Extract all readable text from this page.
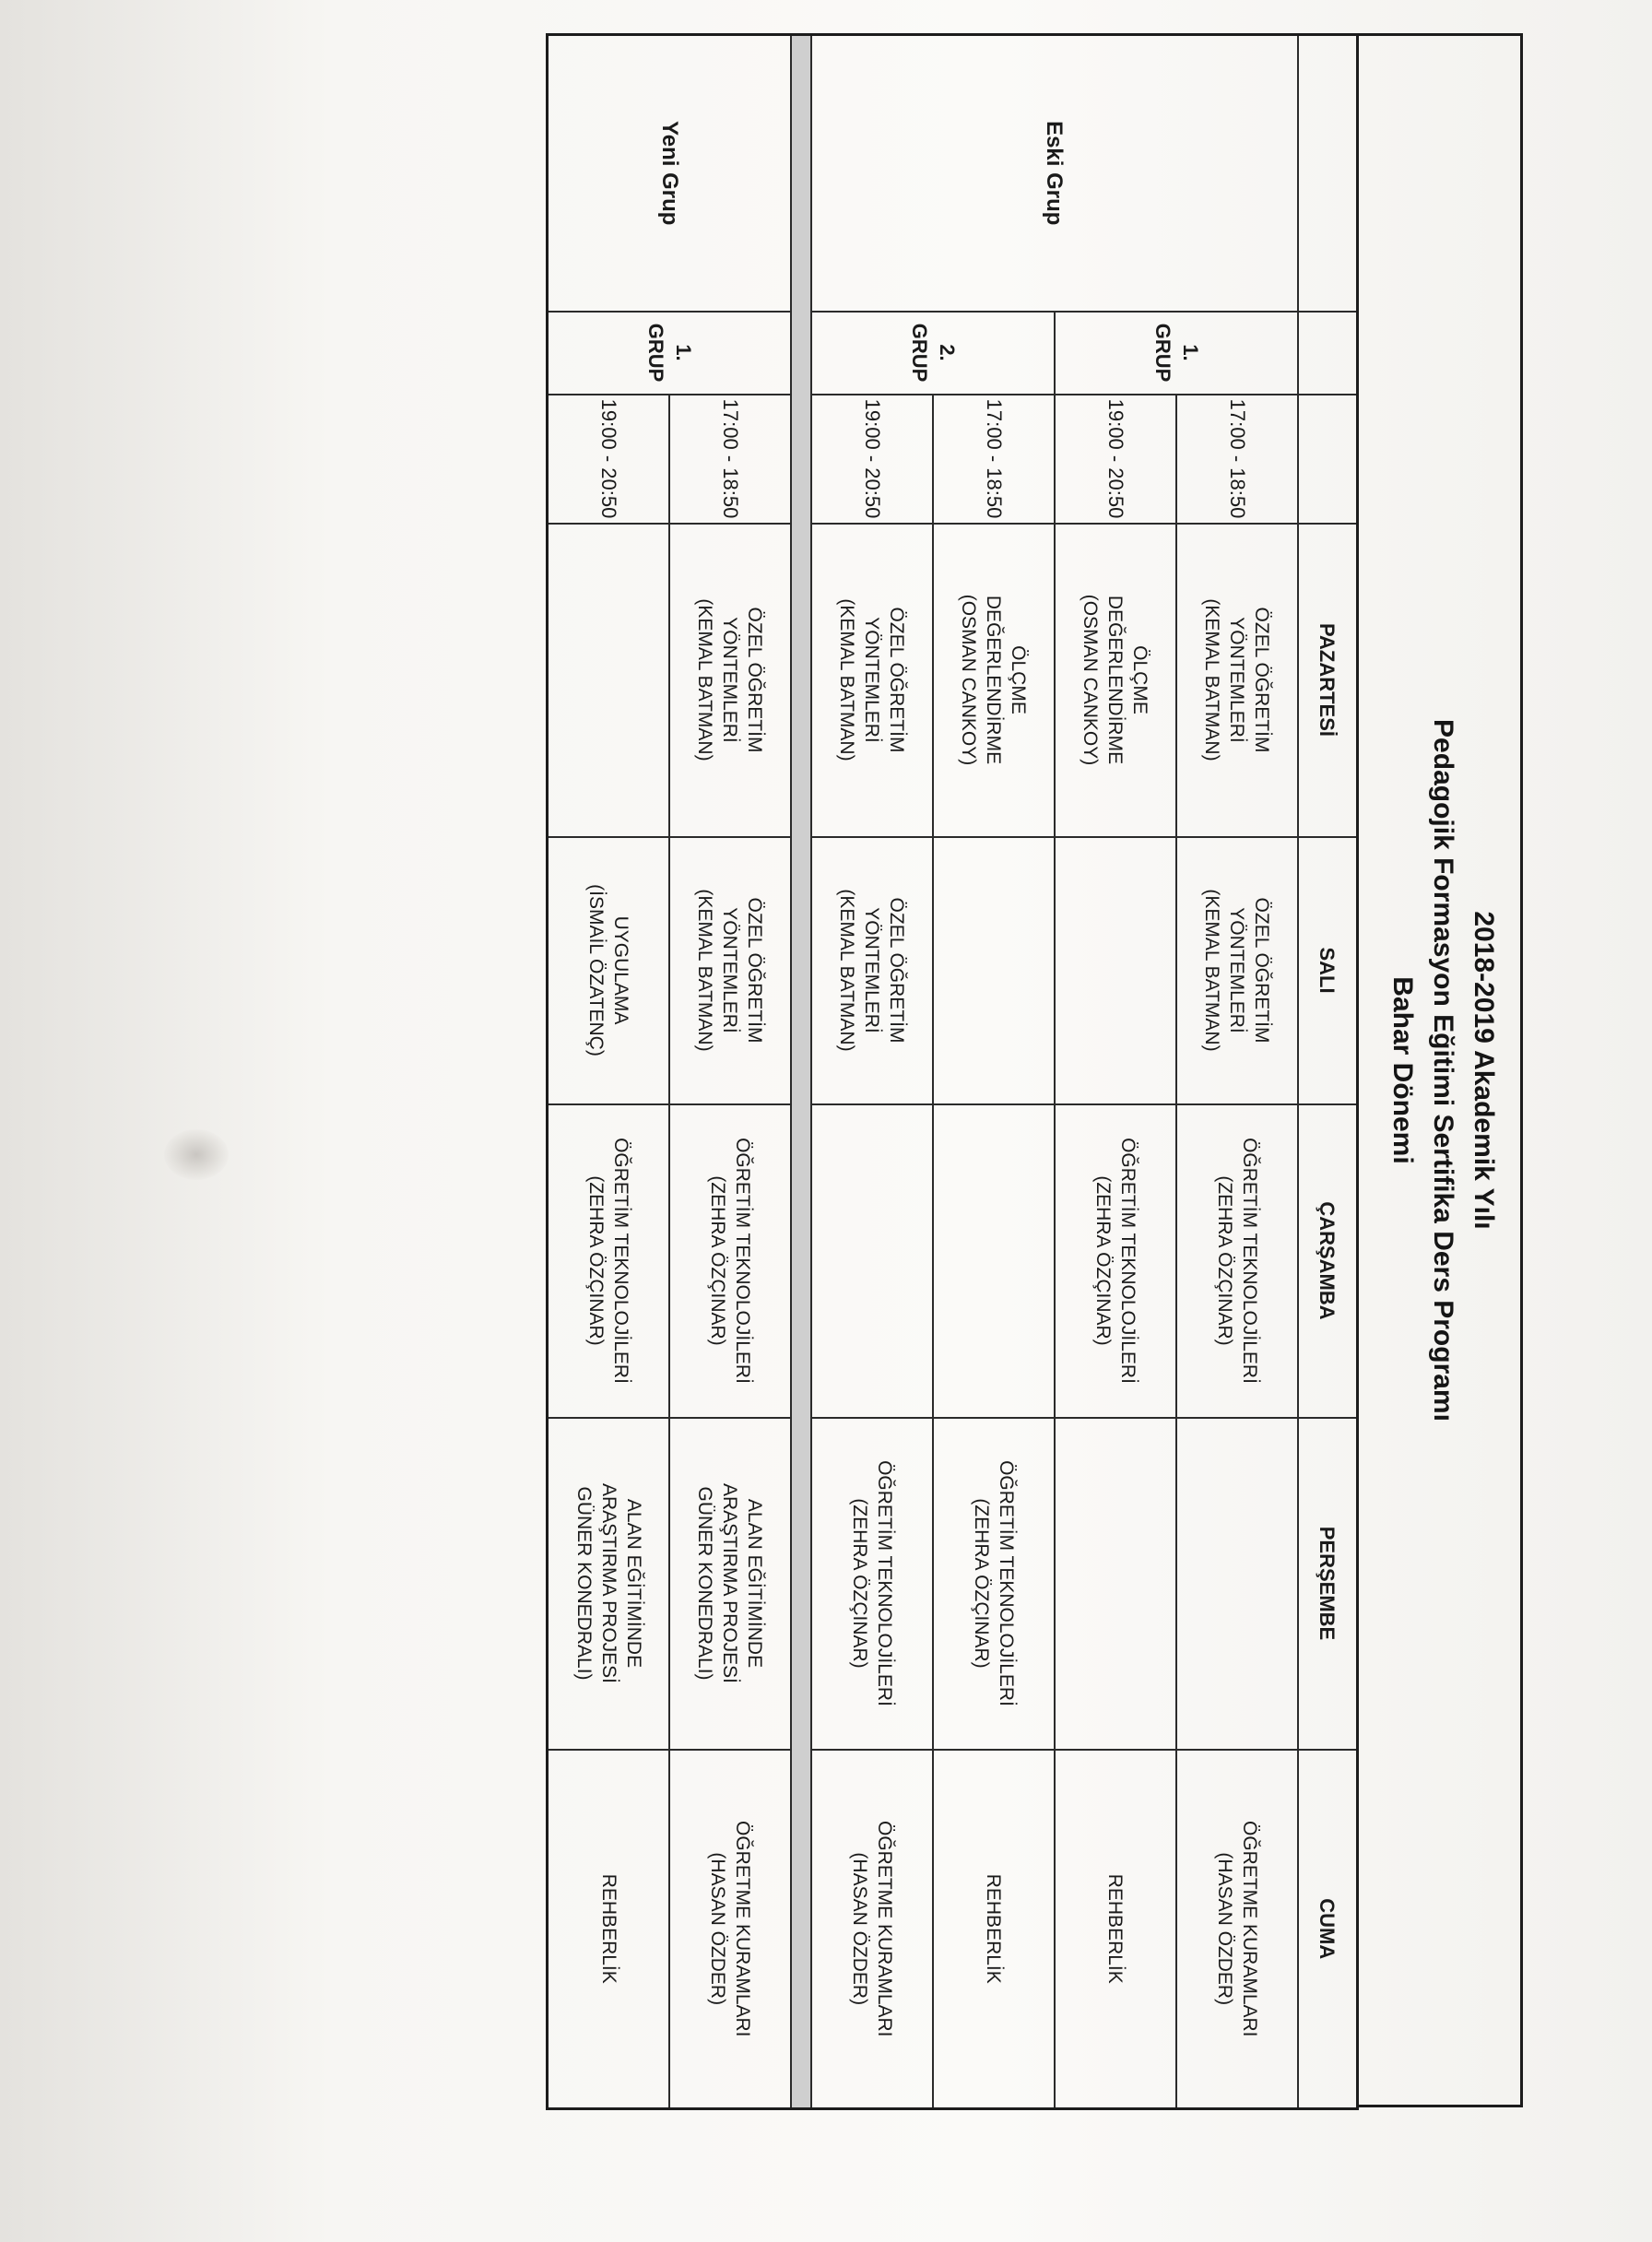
2018-2019 Akademik Yılı
Pedagojik Formasyon Eğitimi Sertifika Ders Programı
Bahar Dönemi
			PAZARTESİ	SALI	ÇARŞAMBA	PERŞEMBE	CUMA
Eski Grup	1. GRUP	17:00 - 18:50	ÖZEL ÖĞRETİM
YÖNTEMLERİ
(KEMAL BATMAN)	ÖZEL ÖĞRETİM
YÖNTEMLERİ
(KEMAL BATMAN)	ÖĞRETİM TEKNOLOJİLERİ
(ZEHRA ÖZÇINAR)		ÖĞRETME KURAMLARI
(HASAN ÖZDER)

		19:00 - 20:50	ÖLÇME
DEĞERLENDİRME
(OSMAN CANKOY)		ÖĞRETİM TEKNOLOJİLERİ
(ZEHRA ÖZÇINAR)		REHBERLİK

	2. GRUP	17:00 - 18:50	ÖLÇME
DEĞERLENDİRME
(OSMAN CANKOY)			ÖĞRETİM TEKNOLOJİLERİ
(ZEHRA ÖZÇINAR)	REHBERLİK

		19:00 - 20:50	ÖZEL ÖĞRETİM
YÖNTEMLERİ
(KEMAL BATMAN)	ÖZEL ÖĞRETİM
YÖNTEMLERİ
(KEMAL BATMAN)		ÖĞRETİM TEKNOLOJİLERİ
(ZEHRA ÖZÇINAR)	ÖĞRETME KURAMLARI
(HASAN ÖZDER)

Yeni Grup	1. GRUP	17:00 - 18:50	ÖZEL ÖĞRETİM
YÖNTEMLERİ
(KEMAL BATMAN)	ÖZEL ÖĞRETİM
YÖNTEMLERİ
(KEMAL BATMAN)	ÖĞRETİM TEKNOLOJİLERİ
(ZEHRA ÖZÇINAR)	ALAN EĞİTİMİNDE
ARAŞTIRMA PROJESİ
GÜNER KONEDRALI)	ÖĞRETME KURAMLARI
(HASAN ÖZDER)

		19:00 - 20:50		UYGULAMA
(İSMAİL ÖZATENÇ)	ÖĞRETİM TEKNOLOJİLERİ
(ZEHRA ÖZÇINAR)	ALAN EĞİTİMİNDE
ARAŞTIRMA PROJESİ
GÜNER KONEDRALI)	REHBERLİK
